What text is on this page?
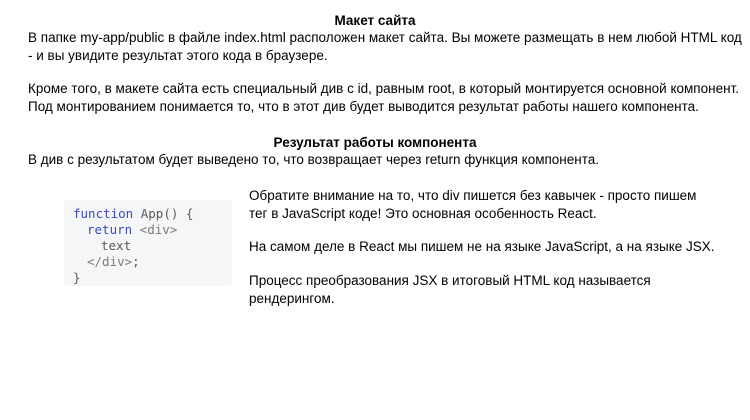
Макет сайта

В папке my-app/public в файле index.html расположен макет сайта. Вы можете размещать в нем любой HTML код
- и вы увидите результат этого кода в браузере.

Кроме того, в макете сайта есть специальный див с id, равным root, в который монтируется основной компонент.
Под монтированием понимается то, что в этот див будет выводится результат работы нашего компонента.

Результат работы компонента

В див с результатом будет выведено то, что возвращает через return функция компонента.

function App() {
return <div>
text
</div>;
}

Обратите внимание на то, что div пишется без кавычек - просто пишем
тег в JavaScript коде! Это основная особенность React.

На самом деле в React мы пишем не на языке JavaScript, а на языке JSX.

Процесс преобразования JSX в итоговый HTML код называется
рендерингом.
